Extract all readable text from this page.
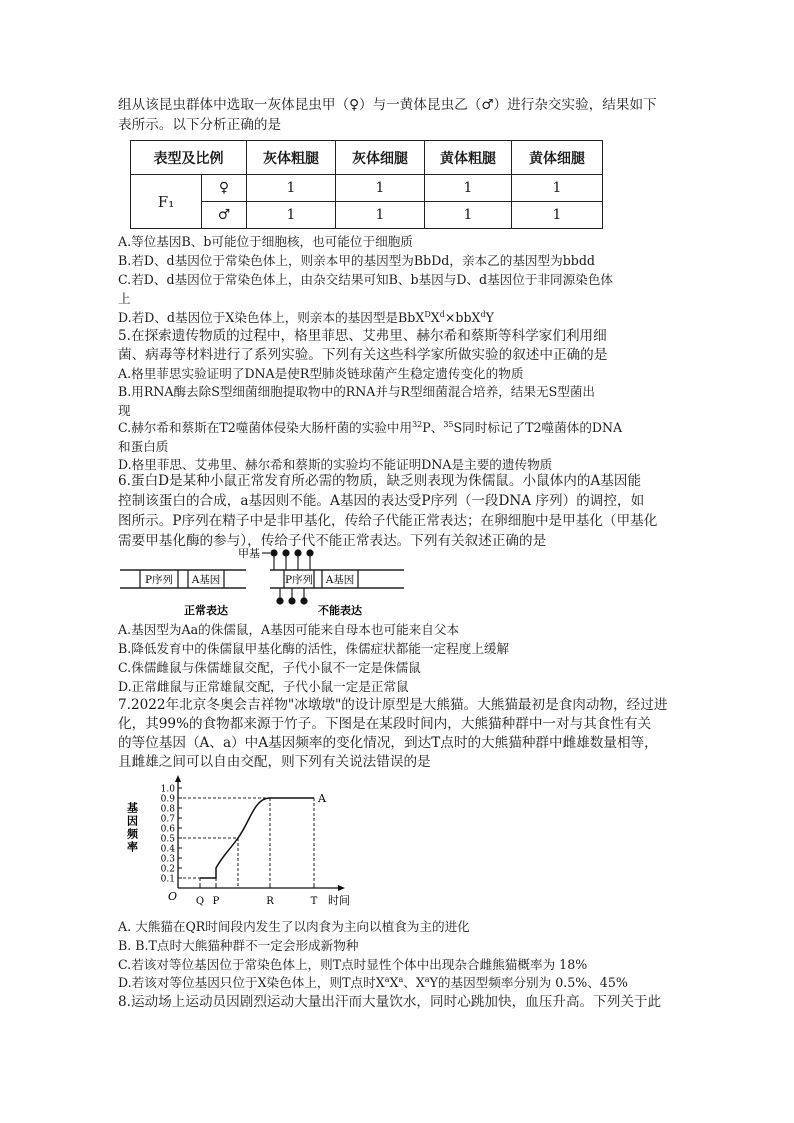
组从该昆虫群体中选取一灰体昆虫甲（♀）与一黄体昆虫乙（♂）进行杂交实验，结果如下
表所示。以下分析正确的是
表型及比例		灰体粗腿	灰体细腿	黄体粗腿	黄体细腿
F₁	♀	1	1	1	1
	♂	1	1	1	1
A.等位基因B、b可能位于细胞核，也可能位于细胞质
B.若D、d基因位于常染色体上，则亲本甲的基因型为BbDd，亲本乙的基因型为bbdd
C.若D、d基因位于常染色体上，由杂交结果可知B、b基因与D、d基因位于非同源染色体
上
D.若D、d基因位于X染色体上，则亲本的基因型是$BbX^DX^d\times bbX^dY$
5.在探索遗传物质的过程中，格里菲思、艾弗里、赫尔希和蔡斯等科学家们利用细
菌、病毒等材料进行了系列实验。下列有关这些科学家所做实验的叙述中正确的是
A.格里菲思实验证明了DNA是使R型肺炎链球菌产生稳定遗传变化的物质
B.用RNA酶去除S型细菌细胞提取物中的RNA并与R型细菌混合培养，结果无S型菌出
现
C.赫尔希和蔡斯在T2噬菌体侵染大肠杆菌的实验中用$^{32}$P、$^{35}$S同时标记了T2噬菌体的DNA
和蛋白质
D.格里菲思、艾弗里、赫尔希和蔡斯的实验均不能证明DNA是主要的遗传物质
6.蛋白D是某种小鼠正常发育所必需的物质，缺乏则表现为侏儒鼠。小鼠体内的A基因能
控制该蛋白的合成，a基因则不能。A基因的表达受P序列（一段DNA 序列）的调控，如
图所示。P序列在精子中是非甲基化，传给子代能正常表达；在卵细胞中是甲基化（甲基化
需要甲基化酶的参与），传给子代不能正常表达。下列有关叙述正确的是
P序列 A基因
正常表达
P序列 A基因
不能表达
甲基
A.基因型为Aa的侏儒鼠，A基因可能来自母本也可能来自父本
B.降低发育中的侏儒鼠甲基化酶的活性，侏儒症状都能一定程度上缓解
C.侏儒雌鼠与侏儒雄鼠交配，子代小鼠不一定是侏儒鼠
D.正常雌鼠与正常雄鼠交配，子代小鼠一定是正常鼠
7.2022年北京冬奥会吉祥物"冰墩墩"的设计原型是大熊猫。大熊猫最初是食肉动物，经过进
化，其99%的食物都来源于竹子。下图是在某段时间内，大熊猫种群中一对与其食性有关
的等位基因（A、a）中A基因频率的变化情况，到达T点时的大熊猫种群中雌雄数量相等，
且雌雄之间可以自由交配，则下列有关说法错误的是
0.1
0.2
0.3
0.4
0.5
0.6
0.7
0.8
0.9
1.0
基因频率
时间
O Q P	R	T
A
A. 大熊猫在QR时间段内发生了以肉食为主向以植食为主的进化
B. B.T点时大熊猫种群不一定会形成新物种
C.若该对等位基因位于常染色体上，则T点时显性个体中出现杂合雌熊猫概率为 18%
D.若该对等位基因只位于X染色体上，则T点时$X^aX^a$、$X^aY$的基因型频率分别为 0.5%、45%
8.运动场上运动员因剧烈运动大量出汗而大量饮水，同时心跳加快，血压升高。下列关于此
